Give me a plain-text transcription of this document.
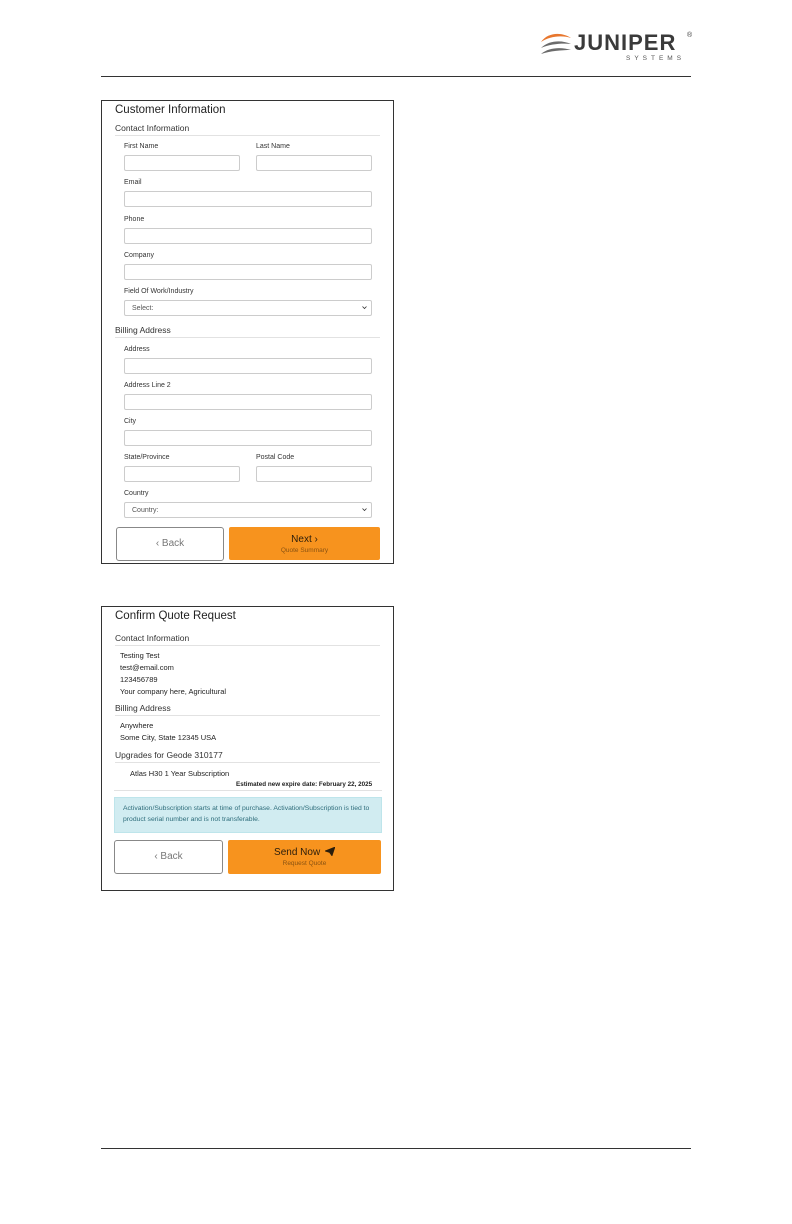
JUNIPER ®
SYSTEMS
Customer Information
Contact Information
First Name	Last Name
Email
Phone
Company
Field Of Work/Industry
Select:
Billing Address
Address
Address Line 2
City
State/Province	Postal Code
Country
Country:
‹ Back	Next ›
Quote Summary
Confirm Quote Request
Contact Information
Testing Test
test@email.com
123456789
Your company here, Agricultural
Billing Address
Anywhere
Some City, State 12345 USA
Upgrades for Geode 310177
Atlas H30 1 Year Subscription
Estimated new expire date: February 22, 2025
Activation/Subscription starts at time of purchase. Activation/Subscription is tied to product serial number and is not transferable.
‹ Back	Send Now
Request Quote
